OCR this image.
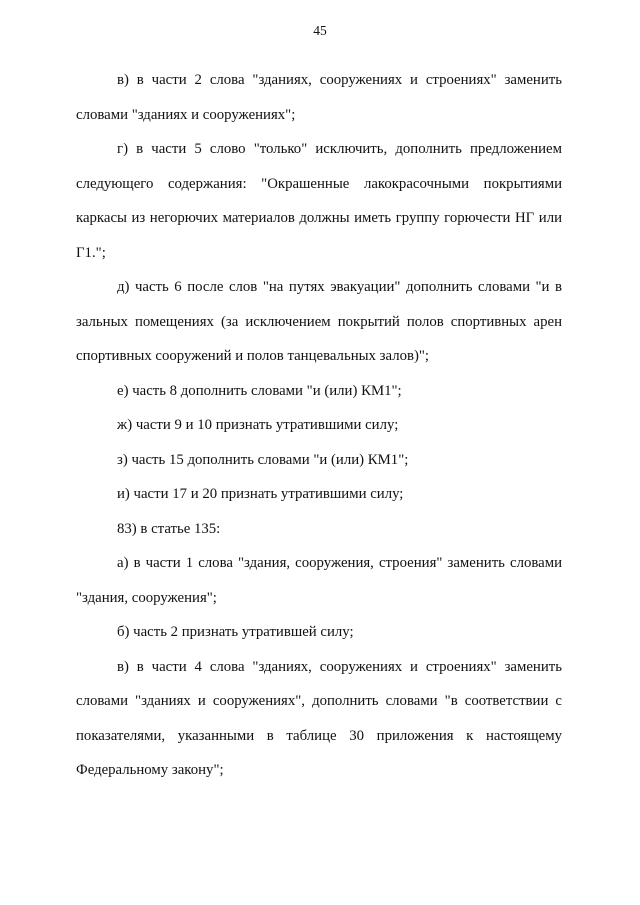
45

в) в части 2 слова "зданиях, сооружениях и строениях" заменить словами "зданиях и сооружениях";

г) в части 5 слово "только" исключить, дополнить предложением следующего содержания: "Окрашенные лакокрасочными покрытиями каркасы из негорючих материалов должны иметь группу горючести НГ или Г1.";

д) часть 6 после слов "на путях эвакуации" дополнить словами "и в зальных помещениях (за исключением покрытий полов спортивных арен спортивных сооружений и полов танцевальных залов)";

е) часть 8 дополнить словами "и (или) КМ1";

ж) части 9 и 10 признать утратившими силу;

з) часть 15 дополнить словами "и (или) КМ1";

и) части 17 и 20 признать утратившими силу;

83) в статье 135:

а) в части 1 слова "здания, сооружения, строения" заменить словами "здания, сооружения";

б) часть 2 признать утратившей силу;

в) в части 4 слова "зданиях, сооружениях и строениях" заменить словами "зданиях и сооружениях", дополнить словами "в соответствии с показателями, указанными в таблице 30 приложения к настоящему Федеральному закону";
